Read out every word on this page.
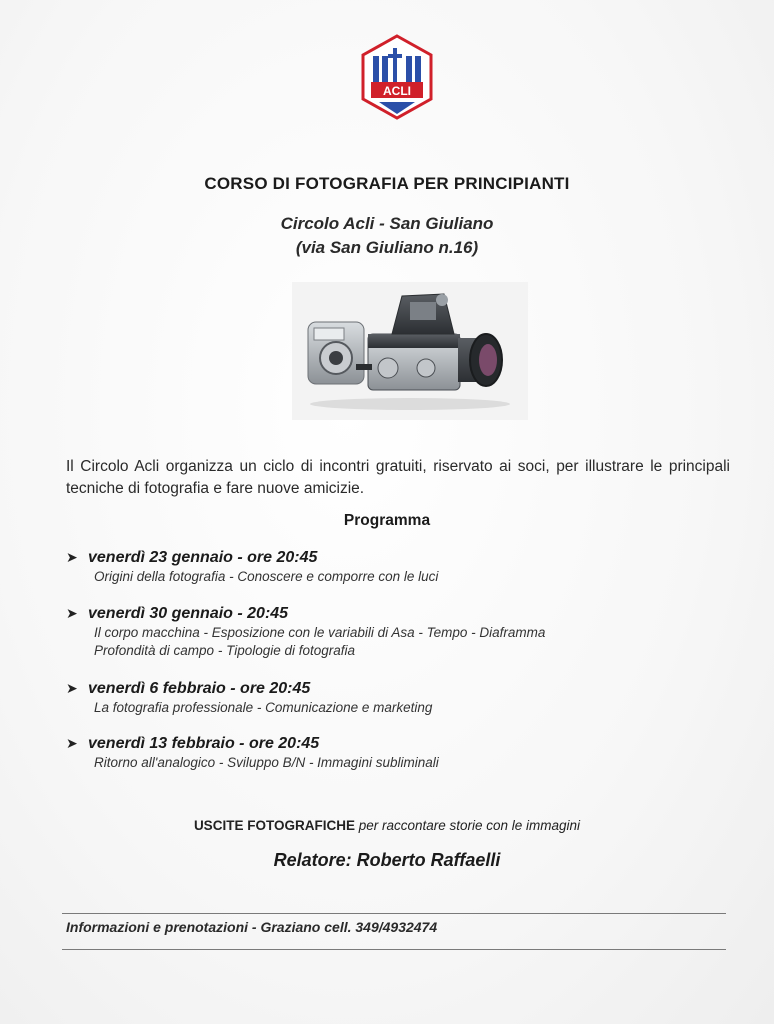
ACLI
CORSO DI FOTOGRAFIA PER PRINCIPIANTI
Circolo Acli - San Giuliano
(via San Giuliano n.16)
Il Circolo Acli organizza un ciclo di incontri gratuiti, riservato ai soci, per illustrare le principali tecniche di fotografia e fare nuove amicizie.
Programma
➤ venerdì 23 gennaio - ore 20:45
Origini della fotografia - Conoscere e comporre con le luci
➤ venerdì 30 gennaio - 20:45
Il corpo macchina - Esposizione con le variabili di Asa - Tempo - Diaframma
Profondità di campo - Tipologie di fotografia
➤ venerdì 6 febbraio - ore 20:45
La fotografia professionale - Comunicazione e marketing
➤ venerdì 13 febbraio - ore 20:45
Ritorno all'analogico - Sviluppo B/N - Immagini subliminali
USCITE FOTOGRAFICHE per raccontare storie con le immagini
Relatore: Roberto Raffaelli
Informazioni e prenotazioni - Graziano cell. 349/4932474
